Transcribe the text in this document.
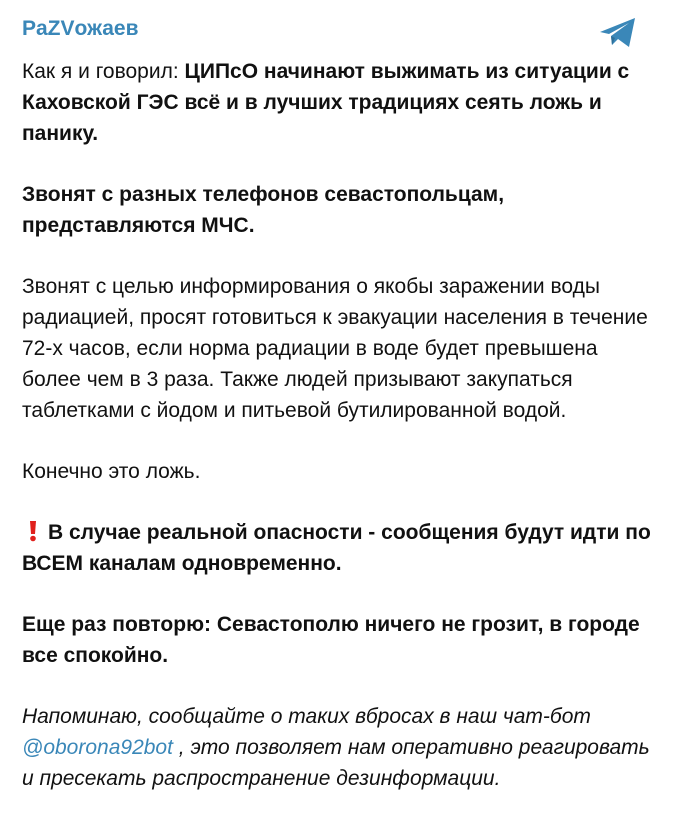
PaZVожаев

Как я и говорил: ЦИПсО начинают выжимать из ситуации с Каховской ГЭС всё и в лучших традициях сеять ложь и панику.

Звонят с разных телефонов севастопольцам, представляются МЧС.

Звонят с целью информирования о якобы заражении воды радиацией, просят готовиться к эвакуации населения в течение 72-х часов, если норма радиации в воде будет превышена более чем в 3 раза. Также людей призывают закупаться таблетками с йодом и питьевой бутилированной водой.

Конечно это ложь.

В случае реальной опасности - сообщения будут идти по ВСЕМ каналам одновременно.

Еще раз повторю: Севастополю ничего не грозит, в городе все спокойно.

Напоминаю, сообщайте о таких вбросах в наш чат-бот @oborona92bot , это позволяет нам оперативно реагировать и пресекать распространение дезинформации.
